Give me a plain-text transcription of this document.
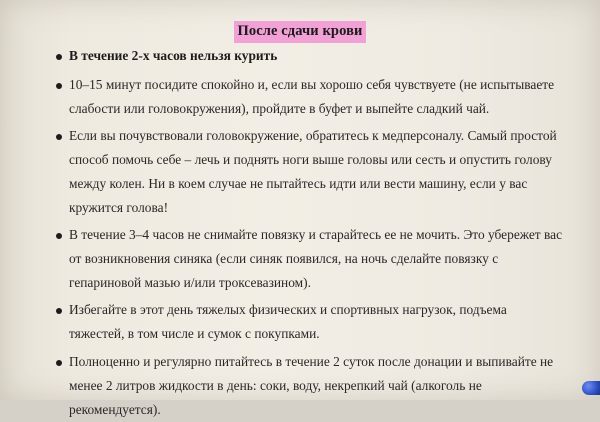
После сдачи крови
В течение 2-х часов нельзя курить
10–15 минут посидите спокойно и, если вы хорошо себя чувствуете (не испытываете слабости или головокружения), пройдите в буфет и выпейте сладкий чай.
Если вы почувствовали головокружение, обратитесь к медперсоналу. Самый простой способ помочь себе – лечь и поднять ноги выше головы или сесть и опустить голову между колен. Ни в коем случае не пытайтесь идти или вести машину, если у вас кружится голова!
В течение 3–4 часов не снимайте повязку и старайтесь ее не мочить. Это убережет вас от возникновения синяка (если синяк появился, на ночь сделайте повязку с гепариновой мазью и/или троксевазином).
Избегайте в этот день тяжелых физических и спортивных нагрузок, подъема тяжестей, в том числе и сумок с покупками.
Полноценно и регулярно питайтесь в течение 2 суток после донации и выпивайте не менее 2 литров жидкости в день: соки, воду, некрепкий чай (алкоголь не рекомендуется).
